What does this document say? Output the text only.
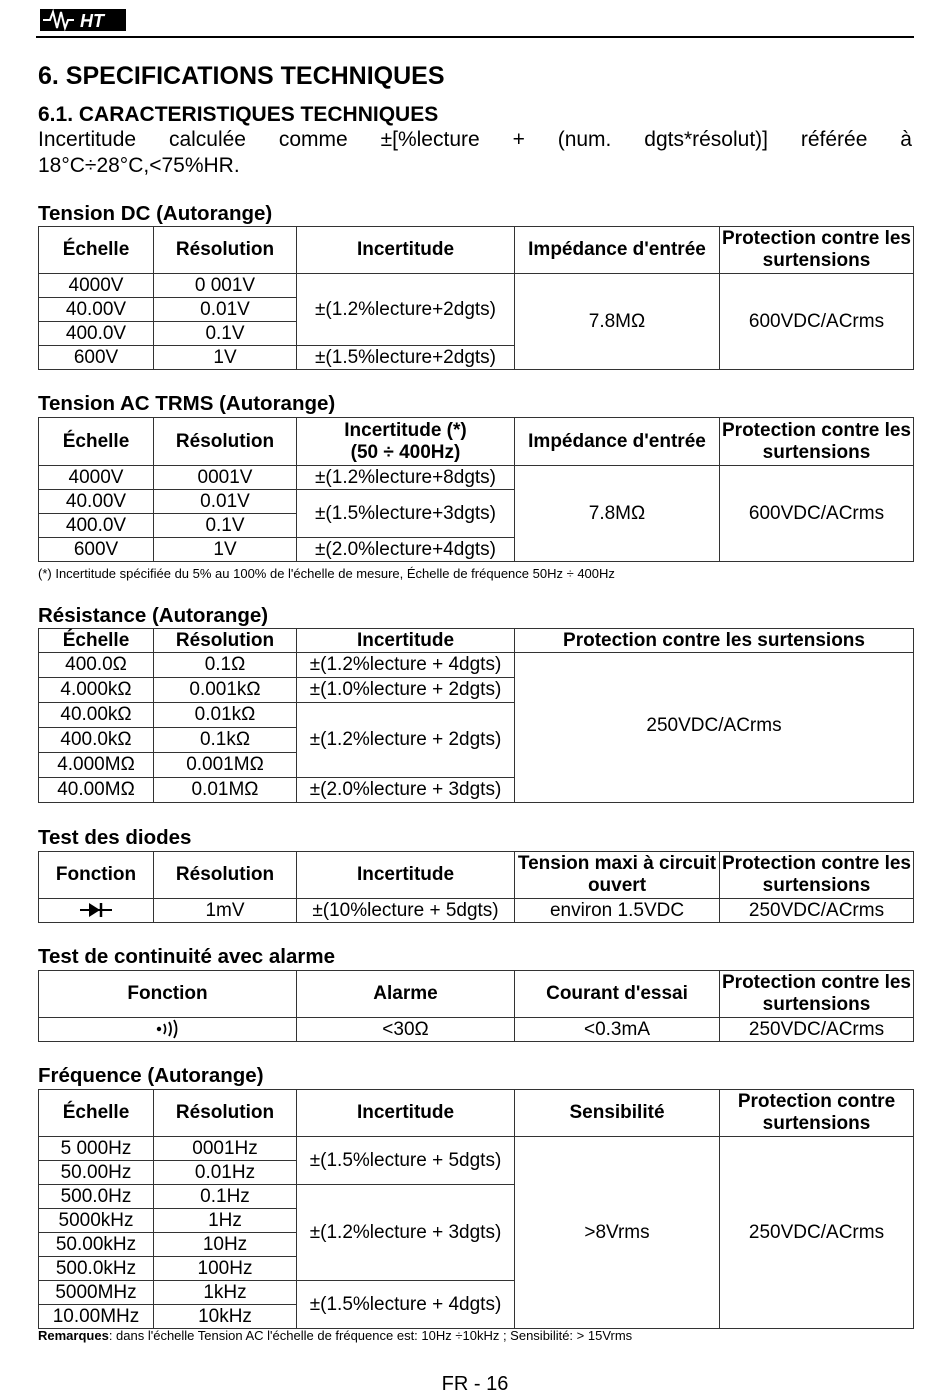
HT
6. SPECIFICATIONS TECHNIQUES
6.1. CARACTERISTIQUES TECHNIQUES
Incertitude calculée comme ±[%lecture + (num. dgts*résolut)] référée à
18°C÷28°C,<75%HR.
Tension DC (Autorange)
Échelle	Résolution	Incertitude	Impédance d'entrée	Protection contre les surtensions
4000V	0 001V	±(1.2%lecture+2dgts)	7.8MΩ	600VDC/ACrms
40.00V	0.01V			
400.0V	0.1V			
600V	1V	±(1.5%lecture+2dgts)		
Tension AC TRMS (Autorange)
Échelle	Résolution	Incertitude (*)
(50 ÷ 400Hz)	Impédance d'entrée	Protection contre les surtensions
4000V	0001V	±(1.2%lecture+8dgts)	7.8MΩ	600VDC/ACrms
40.00V	0.01V	±(1.5%lecture+3dgts)		
400.0V	0.1V			
600V	1V	±(2.0%lecture+4dgts)		
(*) Incertitude spécifiée du 5% au 100% de l'échelle de mesure, Échelle de fréquence 50Hz ÷ 400Hz
Résistance (Autorange)
Échelle	Résolution	Incertitude	Protection contre les surtensions
400.0Ω	0.1Ω	±(1.2%lecture + 4dgts)	250VDC/ACrms
4.000kΩ	0.001kΩ	±(1.0%lecture + 2dgts)	
40.00kΩ	0.01kΩ	±(1.2%lecture + 2dgts)	
400.0kΩ	0.1kΩ		
4.000MΩ	0.001MΩ		
40.00MΩ	0.01MΩ	±(2.0%lecture + 3dgts)	
Test des diodes
Fonction	Résolution	Incertitude	Tension maxi à circuit ouvert	Protection contre les surtensions
	1mV	±(10%lecture + 5dgts)	environ 1.5VDC	250VDC/ACrms
Test de continuité avec alarme
Fonction	Alarme	Courant d'essai	Protection contre les surtensions
	<30Ω	<0.3mA	250VDC/ACrms
Fréquence (Autorange)
Échelle	Résolution	Incertitude	Sensibilité	Protection contre surtensions
5 000Hz	0001Hz	±(1.5%lecture + 5dgts)	>8Vrms	250VDC/ACrms
50.00Hz	0.01Hz			
500.0Hz	0.1Hz	±(1.2%lecture + 3dgts)		
5000kHz	1Hz			
50.00kHz	10Hz			
500.0kHz	100Hz			
5000MHz	1kHz	±(1.5%lecture + 4dgts)		
10.00MHz	10kHz			
Remarques: dans l'échelle Tension AC l'échelle de fréquence est: 10Hz ÷10kHz ; Sensibilité: > 15Vrms
FR - 16
